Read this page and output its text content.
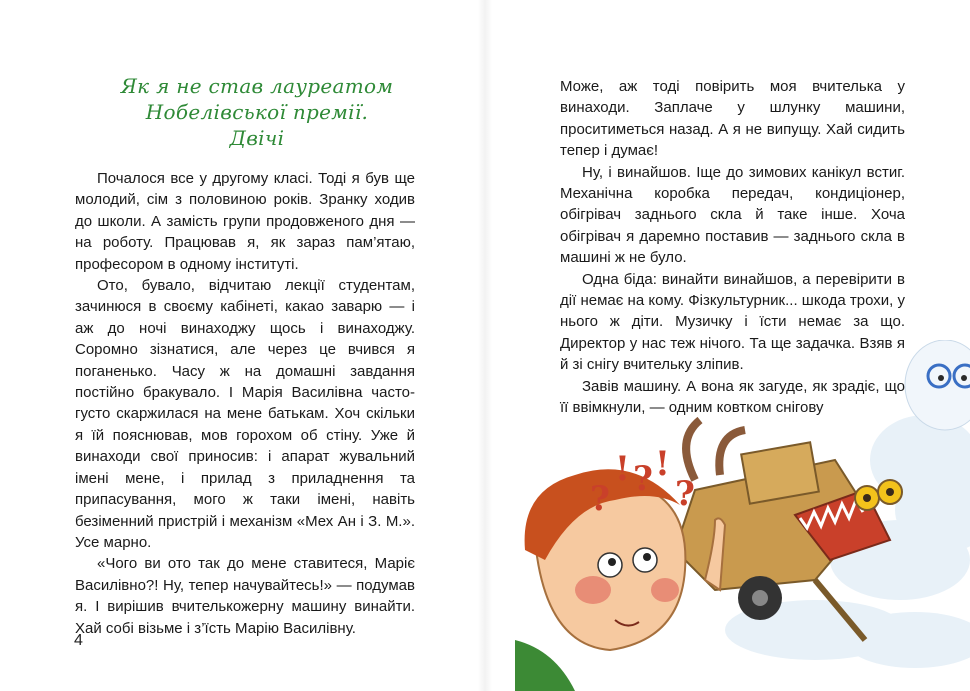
Як я не став лауреатом
Нобелівської премії.
Двічі

Почалося все у другому класі. Тоді я був ще молодий, сім з половиною років. Зранку ходив до школи. А замість групи продовженого дня — на роботу. Працював я, як зараз пам’ятаю, професором в одному інституті.

Ото, бувало, відчитаю лекції студентам, зачинюся в своєму кабінеті, какао заварю — і аж до ночі винаходжу щось і винаходжу. Соромно зізнатися, але через це вчився я поганенько. Часу ж на домашні завдання постійно бракувало. І Марія Василівна часто-густо скаржилася на мене батькам. Хоч скільки я їй пояснював, мов горохом об стіну. Уже й винаходи свої приносив: і апарат жувальний імені мене, і прилад з приладнення та припасування, мого ж таки імені, навіть безіменний пристрій і механізм «Мех Ан і З. М.». Усе марно.

«Чого ви ото так до мене ставитеся, Маріє Василівно?! Ну, тепер начувайтесь!» — подумав я. І вирішив вчителькожерну машину винайти. Хай собі візьме і з’їсть Марію Василівну.

4

Може, аж тоді повірить моя вчителька у винаходи. Заплаче у шлунку машини, проситиметься назад. А я не випущу. Хай сидить тепер і думає!

Ну, і винайшов. Іще до зимових канікул встиг. Механічна коробка передач, кондиціонер, обігрівач заднього скла й таке інше. Хоча обігрівач я даремно поставив — заднього скла в машині ж не було.

Одна біда: винайти винайшов, а перевірити в дії немає на кому. Фізкультурник... шкода трохи, у нього ж діти. Музичку і їсти немає за що. Директор у нас теж нічого. Та ще задачка. Взяв я й зі снігу вчительку зліпив.

Завів машину. А вона як загуде, як зрадіє, що її ввімкнули, — одним ковтком снігову

?
! ? !
?
